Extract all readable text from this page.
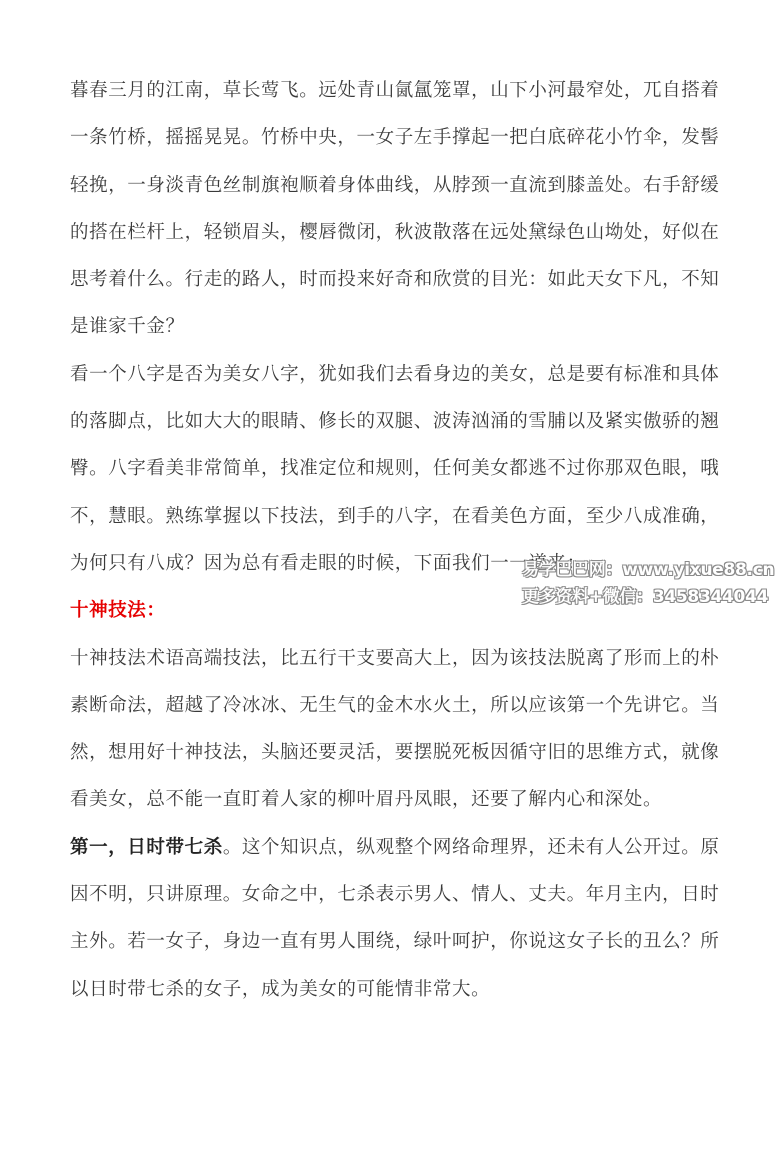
暮春三月的江南，草长莺飞。远处青山氤氲笼罩，山下小河最窄处，兀自搭着一条竹桥，摇摇晃晃。竹桥中央，一女子左手撑起一把白底碎花小竹伞，发髻轻挽，一身淡青色丝制旗袍顺着身体曲线，从脖颈一直流到膝盖处。右手舒缓的搭在栏杆上，轻锁眉头，樱唇微闭，秋波散落在远处黛绿色山坳处，好似在思考着什么。行走的路人，时而投来好奇和欣赏的目光：如此天女下凡，不知是谁家千金？

看一个八字是否为美女八字，犹如我们去看身边的美女，总是要有标准和具体的落脚点，比如大大的眼睛、修长的双腿、波涛汹涌的雪脯以及紧实傲骄的翘臀。八字看美非常简单，找准定位和规则，任何美女都逃不过你那双色眼，哦不，慧眼。熟练掌握以下技法，到手的八字，在看美色方面，至少八成准确，为何只有八成？因为总有看走眼的时候，下面我们一一道来：

十神技法：

十神技法术语高端技法，比五行干支要高大上，因为该技法脱离了形而上的朴素断命法，超越了冷冰冰、无生气的金木水火土，所以应该第一个先讲它。当然，想用好十神技法，头脑还要灵活，要摆脱死板因循守旧的思维方式，就像看美女，总不能一直盯着人家的柳叶眉丹凤眼，还要了解内心和深处。

第一，日时带七杀。这个知识点，纵观整个网络命理界，还未有人公开过。原因不明，只讲原理。女命之中，七杀表示男人、情人、丈夫。年月主内，日时主外。若一女子，身边一直有男人围绕，绿叶呵护，你说这女子长的丑么？所以日时带七杀的女子，成为美女的可能情非常大。

易学巴巴网：www.yixue88.cn
更多资料+微信：3458344044
